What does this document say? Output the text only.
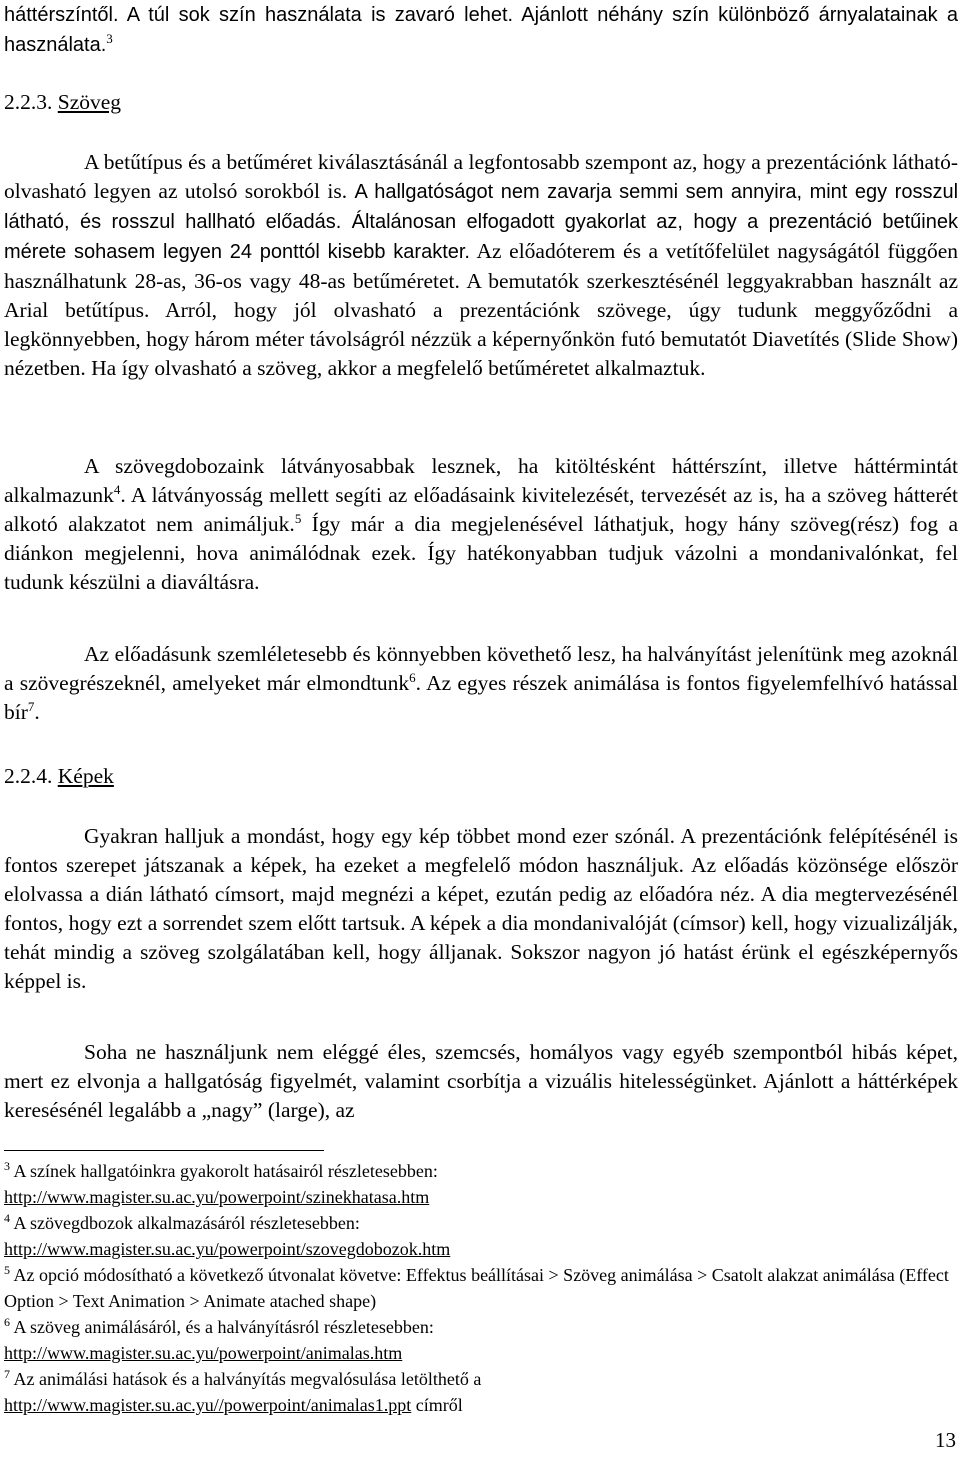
háttérszíntől. A túl sok szín használata is zavaró lehet. Ajánlott néhány szín különböző árnyalatainak a használata.$^3$

2.2.3. Szöveg

A betűtípus és a betűméret kiválasztásánál a legfontosabb szempont az, hogy a prezentációnk látható-olvasható legyen az utolsó sorokból is. A hallgatóságot nem zavarja semmi sem annyira, mint egy rosszul látható, és rosszul hallható előadás. Általánosan elfogadott gyakorlat az, hogy a prezentáció betűinek mérete sohasem legyen 24 ponttól kisebb karakter. Az előadóterem és a vetítőfelület nagyságától függően használhatunk 28-as, 36-os vagy 48-as betűméretet. A bemutatók szerkesztésénél leggyakrabban használt az Arial betűtípus. Arról, hogy jól olvasható a prezentációnk szövege, úgy tudunk meggyőződni a legkönnyebben, hogy három méter távolságról nézzük a képernyőnkön futó bemutatót Diavetítés (Slide Show) nézetben. Ha így olvasható a szöveg, akkor a megfelelő betűméretet alkalmaztuk.

A szövegdobozaink látványosabbak lesznek, ha kitöltésként háttérszínt, illetve háttérmintát alkalmazunk$^4$. A látványosság mellett segíti az előadásaink kivitelezését, tervezését az is, ha a szöveg hátterét alkotó alakzatot nem animáljuk.$^5$ Így már a dia megjelenésével láthatjuk, hogy hány szöveg(rész) fog a diánkon megjelenni, hova animálódnak ezek. Így hatékonyabban tudjuk vázolni a mondanivalónkat, fel tudunk készülni a diaváltásra.

Az előadásunk szemléletesebb és könnyebben követhető lesz, ha halványítást jelenítünk meg azoknál a szövegrészeknél, amelyeket már elmondtunk$^6$. Az egyes részek animálása is fontos figyelemfelhívó hatással bír$^7$.

2.2.4. Képek

Gyakran halljuk a mondást, hogy egy kép többet mond ezer szónál. A prezentációnk felépítésénél is fontos szerepet játszanak a képek, ha ezeket a megfelelő módon használjuk. Az előadás közönsége először elolvassa a dián látható címsort, majd megnézi a képet, ezután pedig az előadóra néz. A dia megtervezésénél fontos, hogy ezt a sorrendet szem előtt tartsuk. A képek a dia mondanivalóját (címsor) kell, hogy vizualizálják, tehát mindig a szöveg szolgálatában kell, hogy álljanak. Sokszor nagyon jó hatást érünk el egészképernyős képpel is.

Soha ne használjunk nem eléggé éles, szemcsés, homályos vagy egyéb szempontból hibás képet, mert ez elvonja a hallgatóság figyelmét, valamint csorbítja a vizuális hitelességünket. Ajánlott a háttérképek keresésénél legalább a „nagy” (large), az

$^3$ A színek hallgatóinkra gyakorolt hatásairól részletesebben:
http://www.magister.su.ac.yu/powerpoint/szinekhatasa.htm
$^4$ A szövegdbozok alkalmazásáról részletesebben:
http://www.magister.su.ac.yu/powerpoint/szovegdobozok.htm
$^5$ Az opció módosítható a következő útvonalat követve: Effektus beállításai > Szöveg animálása > Csatolt alakzat animálása (Effect Option > Text Animation > Animate atached shape)
$^6$ A szöveg animálásáról, és a halványításról részletesebben:
http://www.magister.su.ac.yu/powerpoint/animalas.htm
$^7$ Az animálási hatások és a halványítás megvalósulása letölthető a
http://www.magister.su.ac.yu//powerpoint/animalas1.ppt címről
13
